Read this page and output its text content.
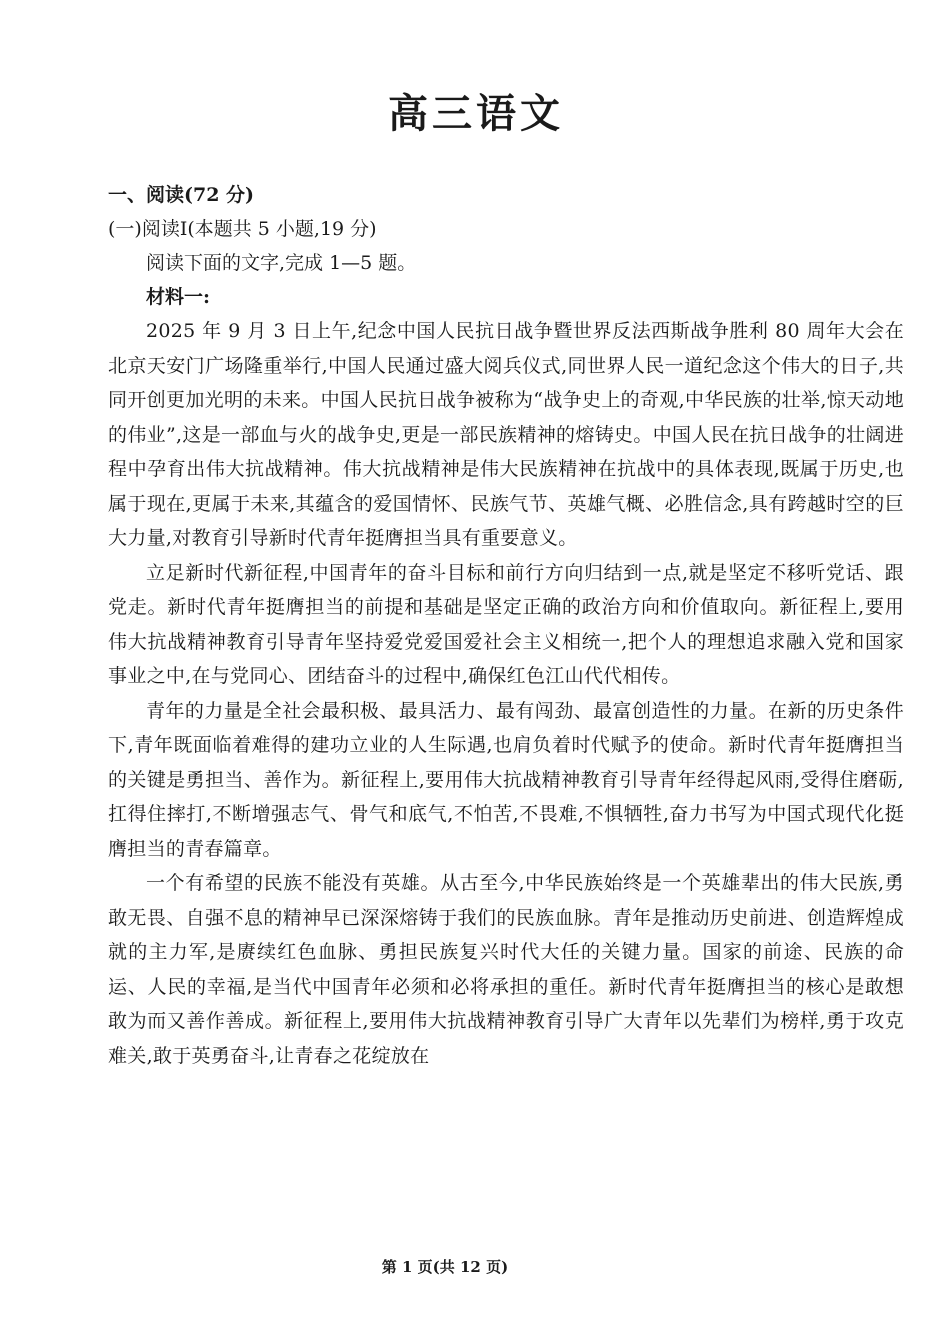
高三语文

一、阅读(72 分)

(一)阅读Ⅰ(本题共 5 小题,19 分)

阅读下面的文字,完成 1—5 题。

材料一:

2025 年 9 月 3 日上午,纪念中国人民抗日战争暨世界反法西斯战争胜利 80 周年大会在北京天安门广场隆重举行,中国人民通过盛大阅兵仪式,同世界人民一道纪念这个伟大的日子,共同开创更加光明的未来。中国人民抗日战争被称为“战争史上的奇观,中华民族的壮举,惊天动地的伟业”,这是一部血与火的战争史,更是一部民族精神的熔铸史。中国人民在抗日战争的壮阔进程中孕育出伟大抗战精神。伟大抗战精神是伟大民族精神在抗战中的具体表现,既属于历史,也属于现在,更属于未来,其蕴含的爱国情怀、民族气节、英雄气概、必胜信念,具有跨越时空的巨大力量,对教育引导新时代青年挺膺担当具有重要意义。

立足新时代新征程,中国青年的奋斗目标和前行方向归结到一点,就是坚定不移听党话、跟党走。新时代青年挺膺担当的前提和基础是坚定正确的政治方向和价值取向。新征程上,要用伟大抗战精神教育引导青年坚持爱党爱国爱社会主义相统一,把个人的理想追求融入党和国家事业之中,在与党同心、团结奋斗的过程中,确保红色江山代代相传。

青年的力量是全社会最积极、最具活力、最有闯劲、最富创造性的力量。在新的历史条件下,青年既面临着难得的建功立业的人生际遇,也肩负着时代赋予的使命。新时代青年挺膺担当的关键是勇担当、善作为。新征程上,要用伟大抗战精神教育引导青年经得起风雨,受得住磨砺,扛得住摔打,不断增强志气、骨气和底气,不怕苦,不畏难,不惧牺牲,奋力书写为中国式现代化挺膺担当的青春篇章。

一个有希望的民族不能没有英雄。从古至今,中华民族始终是一个英雄辈出的伟大民族,勇敢无畏、自强不息的精神早已深深熔铸于我们的民族血脉。青年是推动历史前进、创造辉煌成就的主力军,是赓续红色血脉、勇担民族复兴时代大任的关键力量。国家的前途、民族的命运、人民的幸福,是当代中国青年必须和必将承担的重任。新时代青年挺膺担当的核心是敢想敢为而又善作善成。新征程上,要用伟大抗战精神教育引导广大青年以先辈们为榜样,勇于攻克难关,敢于英勇奋斗,让青春之花绽放在

第 1 页(共 12 页)
